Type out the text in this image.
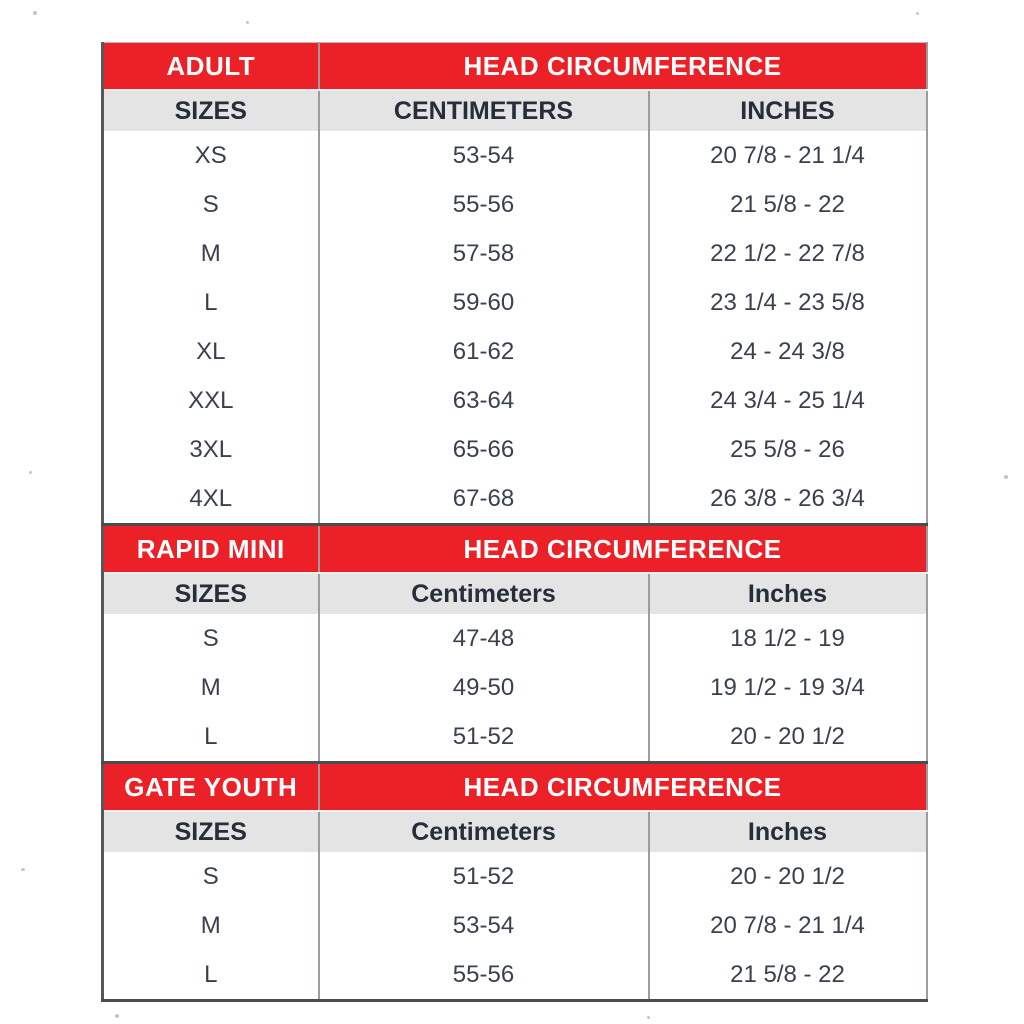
ADULT	HEAD CIRCUMFERENCE	
SIZES	CENTIMETERS	INCHES
XS	53-54	20 7/8 - 21 1/4
S	55-56	21 5/8 - 22
M	57-58	22 1/2 - 22 7/8
L	59-60	23 1/4 - 23 5/8
XL	61-62	24 - 24 3/8
XXL	63-64	24 3/4 - 25 1/4
3XL	65-66	25 5/8 - 26
4XL	67-68	26 3/8 - 26 3/4
RAPID MINI	HEAD CIRCUMFERENCE	
SIZES	Centimeters	Inches
S	47-48	18 1/2 - 19
M	49-50	19 1/2 - 19 3/4
L	51-52	20 - 20 1/2
GATE YOUTH	HEAD CIRCUMFERENCE	
SIZES	Centimeters	Inches
S	51-52	20 - 20 1/2
M	53-54	20 7/8 - 21 1/4
L	55-56	21 5/8 - 22
